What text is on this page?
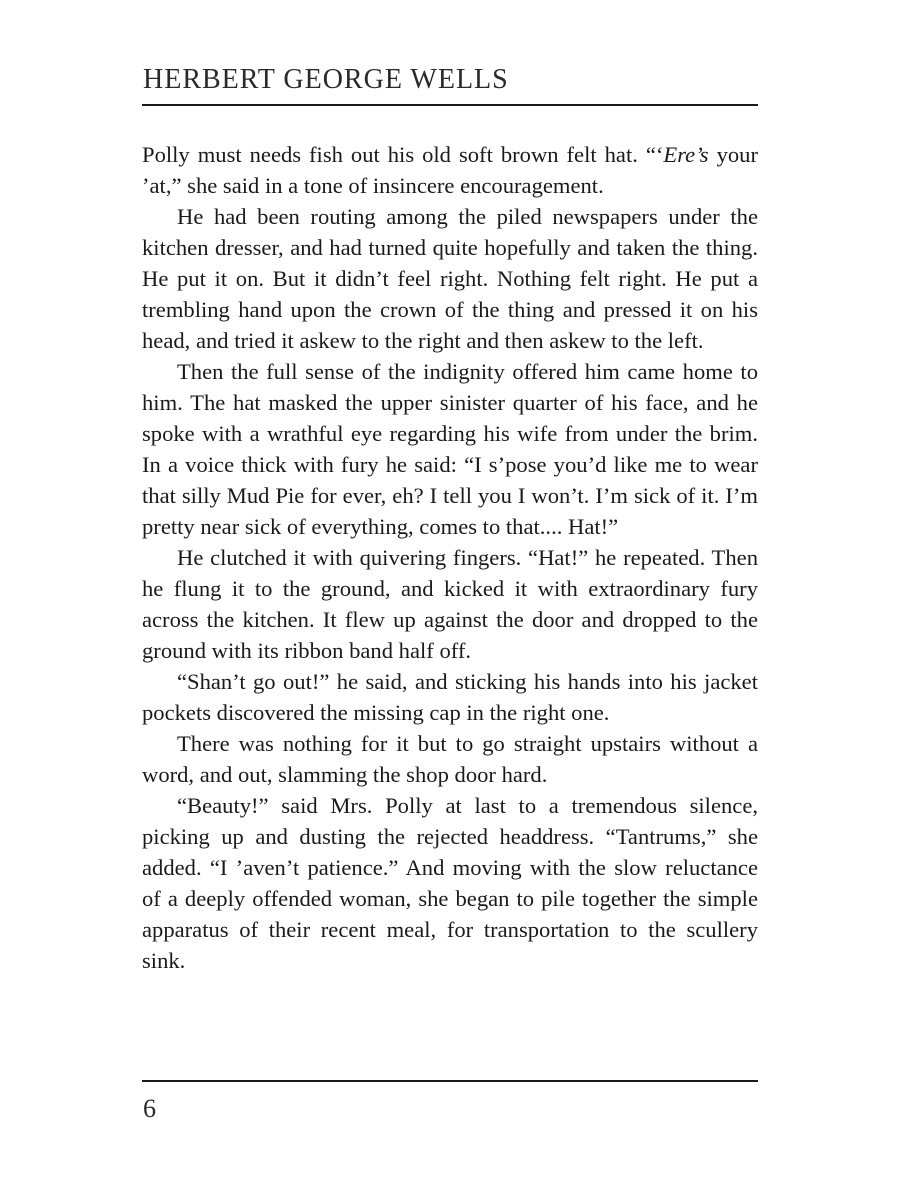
HERBERT GEORGE WELLS

Polly must needs fish out his old soft brown felt hat. “‘Ere’s your ’at,” she said in a tone of insincere encouragement.

He had been routing among the piled newspapers under the kitchen dresser, and had turned quite hopefully and taken the thing. He put it on. But it didn’t feel right. Nothing felt right. He put a trembling hand upon the crown of the thing and pressed it on his head, and tried it askew to the right and then askew to the left.

Then the full sense of the indignity offered him came home to him. The hat masked the upper sinister quarter of his face, and he spoke with a wrathful eye regarding his wife from under the brim. In a voice thick with fury he said: “I s’pose you’d like me to wear that silly Mud Pie for ever, eh? I tell you I won’t. I’m sick of it. I’m pretty near sick of everything, comes to that.... Hat!”

He clutched it with quivering fingers. “Hat!” he repeated. Then he flung it to the ground, and kicked it with extraordinary fury across the kitchen. It flew up against the door and dropped to the ground with its ribbon band half off.

“Shan’t go out!” he said, and sticking his hands into his jacket pockets discovered the missing cap in the right one.

There was nothing for it but to go straight upstairs without a word, and out, slamming the shop door hard.

“Beauty!” said Mrs. Polly at last to a tremendous silence, picking up and dusting the rejected headdress. “Tantrums,” she added. “I ’aven’t patience.” And moving with the slow reluctance of a deeply offended woman, she began to pile together the simple apparatus of their recent meal, for transportation to the scullery sink.

6
